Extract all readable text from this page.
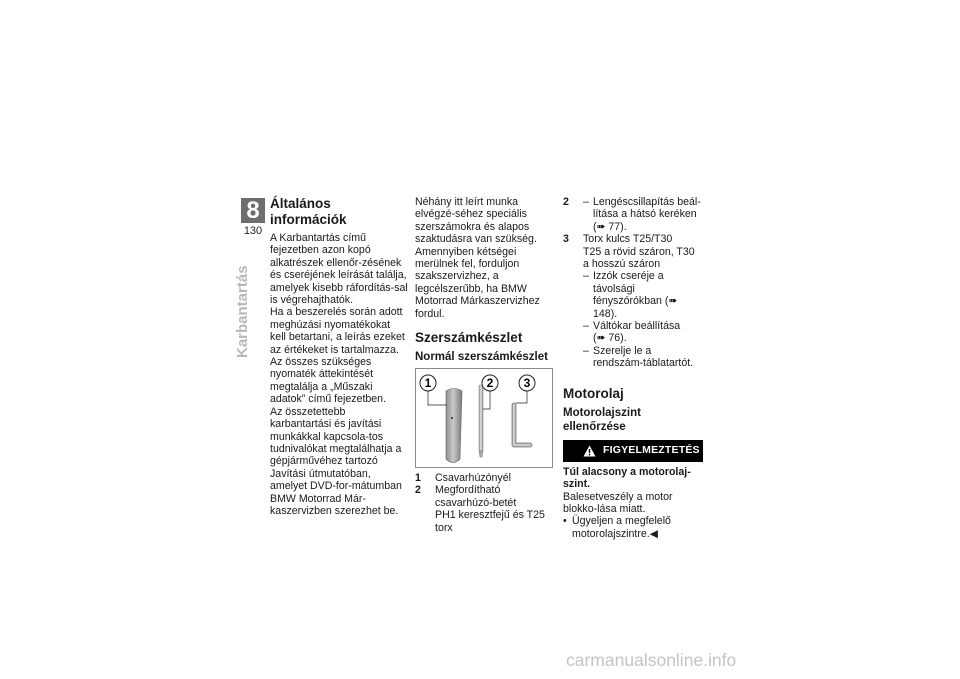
8
130
Karbantartás
Általános információk

A Karbantartás című fejezetben azon kopó alkatrészek ellenőr-zésének és cseréjének leírását találja, amelyek kisebb ráfordítás-sal is végrehajthatók.

Ha a beszerelés során adott meghúzási nyomatékokat kell betartani, a leírás ezeket az értékeket is tartalmazza. Az összes szükséges nyomaték áttekintését megtalálja a „Műszaki adatok” című fejezetben.

Az összetettebb karbantartási és javítási munkákkal kapcsola-tos tudnivalókat megtalálhatja a gépjárművéhez tartozó Javítási útmutatóban, amelyet DVD-for-mátumban BMW Motorrad Már-kaszervizben szerezhet be.

Néhány itt leírt munka elvégzé-séhez speciális szerszámokra és alapos szaktudásra van szükség. Amennyiben kétségei merülnek fel, forduljon szakszervizhez, a legcélszerűbb, ha BMW Motorrad Márkaszervizhez fordul.

Szerszámkészlet
Normál szerszámkészlet
1	2	3
1	Csavarhúzónyél
2	Megfordítható csavarhúzó-betét
PH1 keresztfejű és T25 torx
2	– Lengéscsillapítás beál-lítása a hátsó keréken (➠ 77).
3	Torx kulcs T25/T30
T25 a rövid száron, T30 a hosszú száron
– Izzók cseréje a távolsági fényszórókban (➠ 148).
– Váltókar beállítása
(➠ 76).
– Szerelje le a rendszám-táblatartót.
Motorolaj
Motorolajszint ellenőrzése
FIGYELMEZTETÉS

Túl alacsony a motorolaj-szint.

Balesetveszély a motor blokko-lása miatt.

• Ügyeljen a megfelelő motorolajszintre.◀
carmanualsonline.info
